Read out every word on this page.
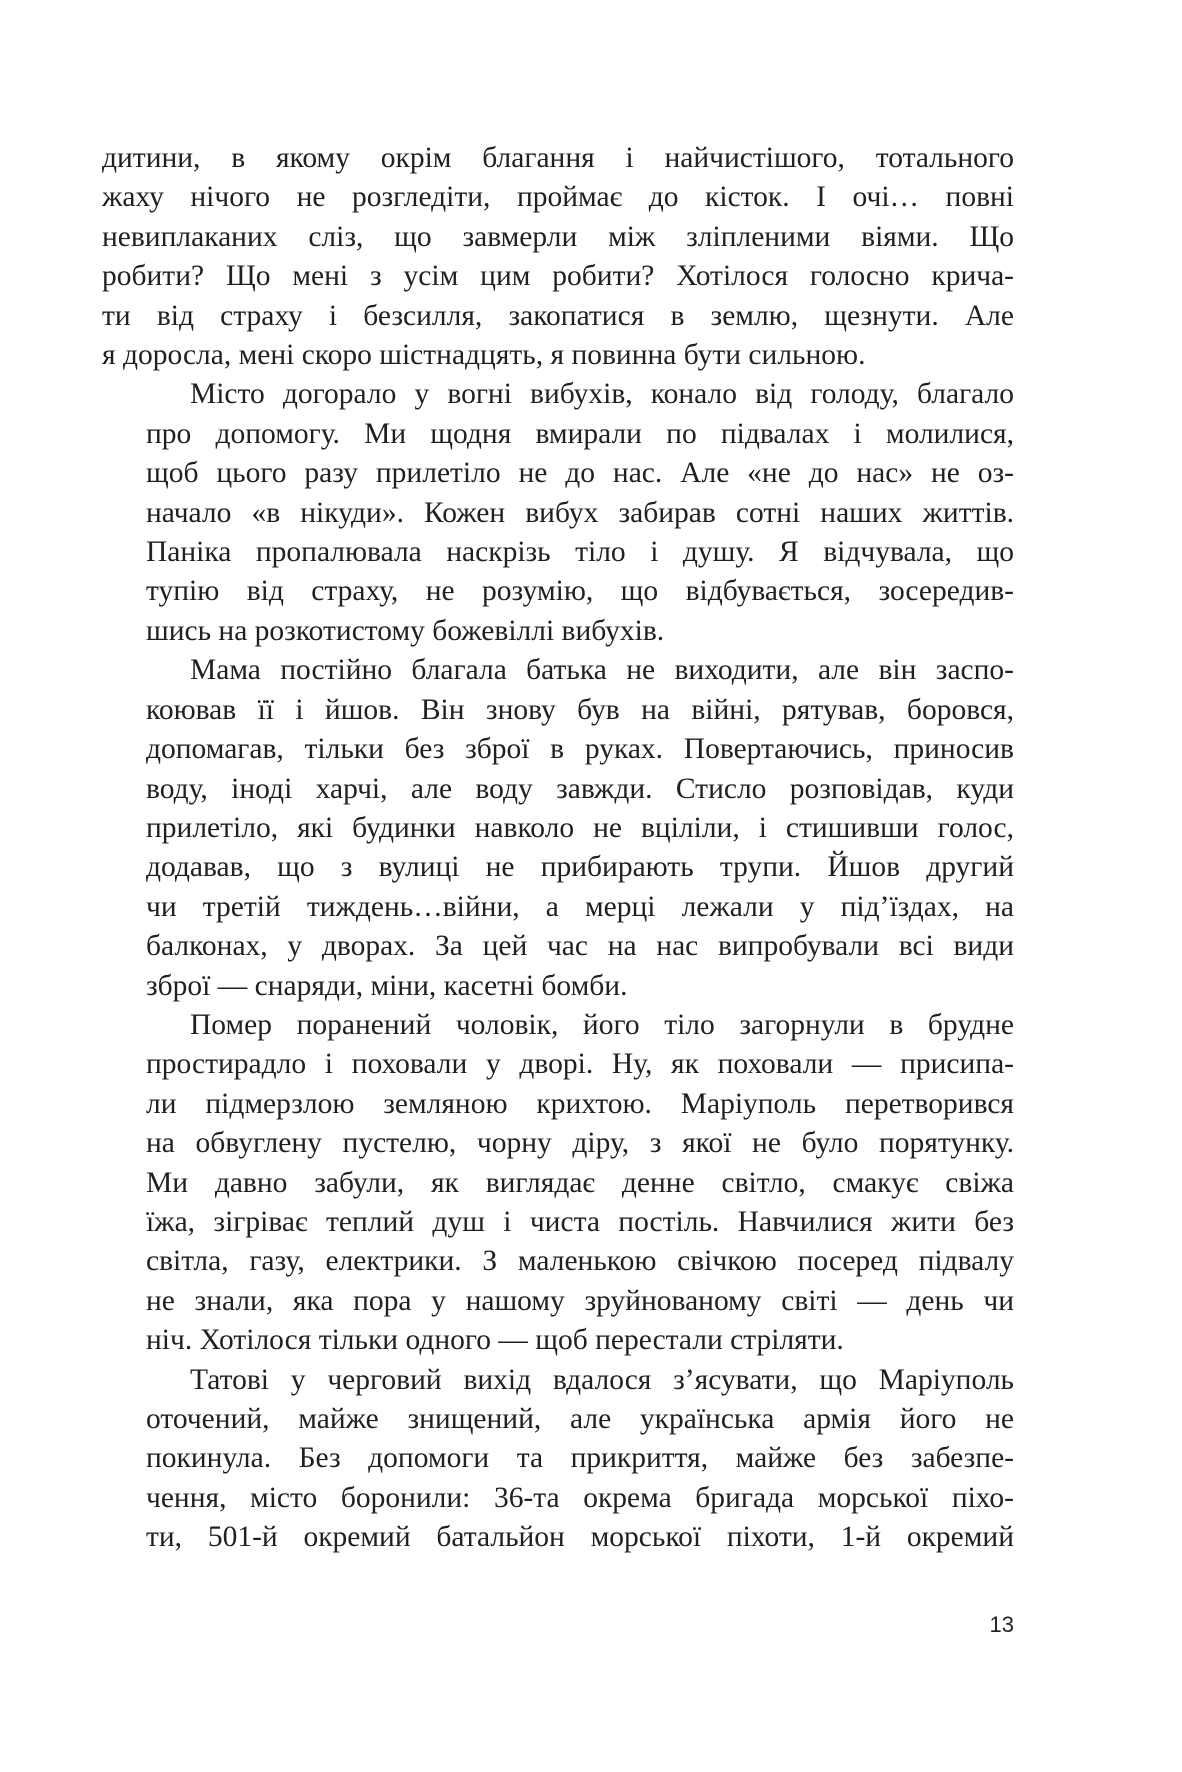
дитини, в якому окрім благання і найчистішого, тотального
жаху нічого не розгледіти, проймає до кісток. І очі… повні
невиплаканих сліз, що завмерли між зліпленими віями. Що
робити? Що мені з усім цим робити? Хотілося голосно крича-
ти від страху і безсилля, закопатися в землю, щезнути. Але
я доросла, мені скоро шістнадцять, я повинна бути сильною.
Місто догорало у вогні вибухів, конало від голоду, благало
про допомогу. Ми щодня вмирали по підвалах і молилися,
щоб цього разу прилетіло не до нас. Але «не до нас» не оз-
начало «в нікуди». Кожен вибух забирав сотні наших життів.
Паніка пропалювала наскрізь тіло і душу. Я відчувала, що
тупію від страху, не розумію, що відбувається, зосередив-
шись на розкотистому божевіллі вибухів.
Мама постійно благала батька не виходити, але він заспо-
коював її і йшов. Він знову був на війні, рятував, боровся,
допомагав, тільки без зброї в руках. Повертаючись, приносив
воду, іноді харчі, але воду завжди. Стисло розповідав, куди
прилетіло, які будинки навколо не вціліли, і стишивши голос,
додавав, що з вулиці не прибирають трупи. Йшов другий
чи третій тиждень…війни, а мерці лежали у під’їздах, на
балконах, у дворах. За цей час на нас випробували всі види
зброї — снаряди, міни, касетні бомби.
Помер поранений чоловік, його тіло загорнули в брудне
простирадло і поховали у дворі. Ну, як поховали — присипа-
ли підмерзлою земляною крихтою. Маріуполь перетворився
на обвуглену пустелю, чорну діру, з якої не було порятунку.
Ми давно забули, як виглядає денне світло, смакує свіжа
їжа, зігріває теплий душ і чиста постіль. Навчилися жити без
світла, газу, електрики. З маленькою свічкою посеред підвалу
не знали, яка пора у нашому зруйнованому світі — день чи
ніч. Хотілося тільки одного — щоб перестали стріляти.
Татові у черговий вихід вдалося з’ясувати, що Маріуполь
оточений, майже знищений, але українська армія його не
покинула. Без допомоги та прикриття, майже без забезпе-
чення, місто боронили: 36-та окрема бригада морської піхо-
ти, 501-й окремий батальйон морської піхоти, 1-й окремий
13
